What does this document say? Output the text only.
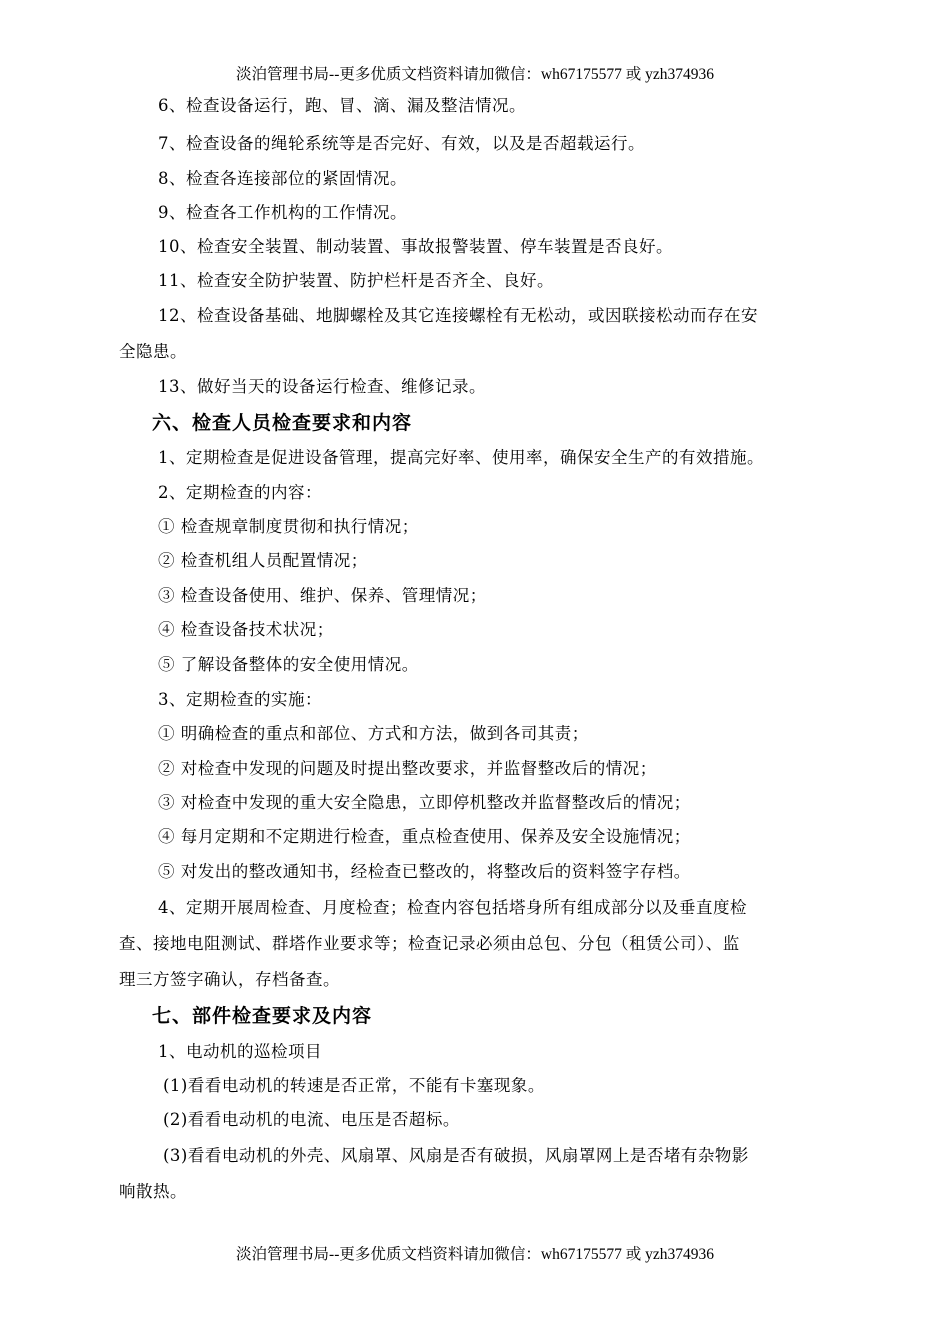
淡泊管理书局--更多优质文档资料请加微信：wh67175577 或 yzh374936
6、检查设备运行，跑、冒、滴、漏及整洁情况。
7、检查设备的绳轮系统等是否完好、有效，以及是否超载运行。
8、检查各连接部位的紧固情况。
9、检查各工作机构的工作情况。
10、检查安全装置、制动装置、事故报警装置、停车装置是否良好。
11、检查安全防护装置、防护栏杆是否齐全、良好。
12、检查设备基础、地脚螺栓及其它连接螺栓有无松动，或因联接松动而存在安
全隐患。
13、做好当天的设备运行检查、维修记录。
六、检查人员检查要求和内容
1、定期检查是促进设备管理，提高完好率、使用率，确保安全生产的有效措施。
2、定期检查的内容：
① 检查规章制度贯彻和执行情况；
② 检查机组人员配置情况；
③ 检查设备使用、维护、保养、管理情况；
④ 检查设备技术状况；
⑤ 了解设备整体的安全使用情况。
3、定期检查的实施：
① 明确检查的重点和部位、方式和方法，做到各司其责；
② 对检查中发现的问题及时提出整改要求，并监督整改后的情况；
③ 对检查中发现的重大安全隐患，立即停机整改并监督整改后的情况；
④ 每月定期和不定期进行检查，重点检查使用、保养及安全设施情况；
⑤ 对发出的整改通知书，经检查已整改的，将整改后的资料签字存档。
4、定期开展周检查、月度检查；检查内容包括塔身所有组成部分以及垂直度检
查、接地电阻测试、群塔作业要求等；检查记录必须由总包、分包（租赁公司）、监
理三方签字确认，存档备查。
七、部件检查要求及内容
1、电动机的巡检项目
(1)看看电动机的转速是否正常，不能有卡塞现象。
(2)看看电动机的电流、电压是否超标。
(3)看看电动机的外壳、风扇罩、风扇是否有破损，风扇罩网上是否堵有杂物影
响散热。
淡泊管理书局--更多优质文档资料请加微信：wh67175577 或 yzh374936
